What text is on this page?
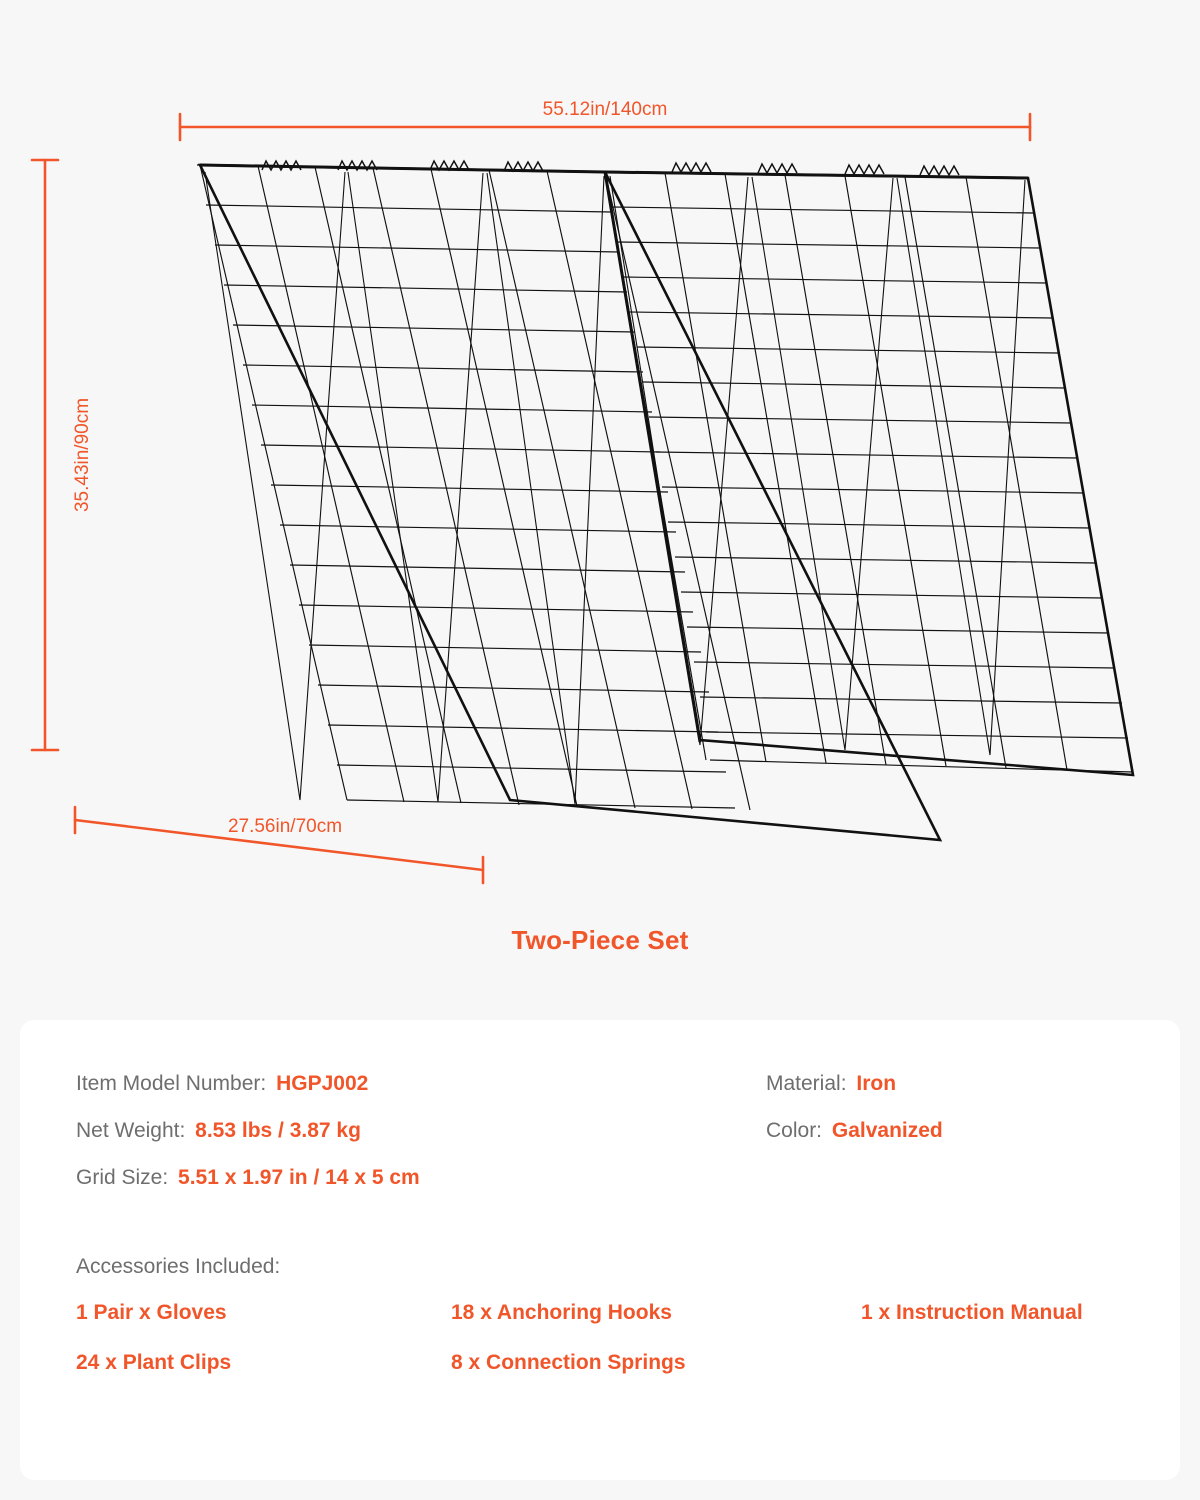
55.12in/140cm
35.43in/90cm
27.56in/70cm
Two-Piece Set
Item Model Number: HGPJ002
Net Weight: 8.53 lbs / 3.87 kg
Grid Size: 5.51 x 1.97 in / 14 x 5 cm
Material: Iron
Color: Galvanized
Accessories Included:
1 Pair x Gloves	18 x Anchoring Hooks	1 x Instruction Manual
24 x Plant Clips	8 x Connection Springs
